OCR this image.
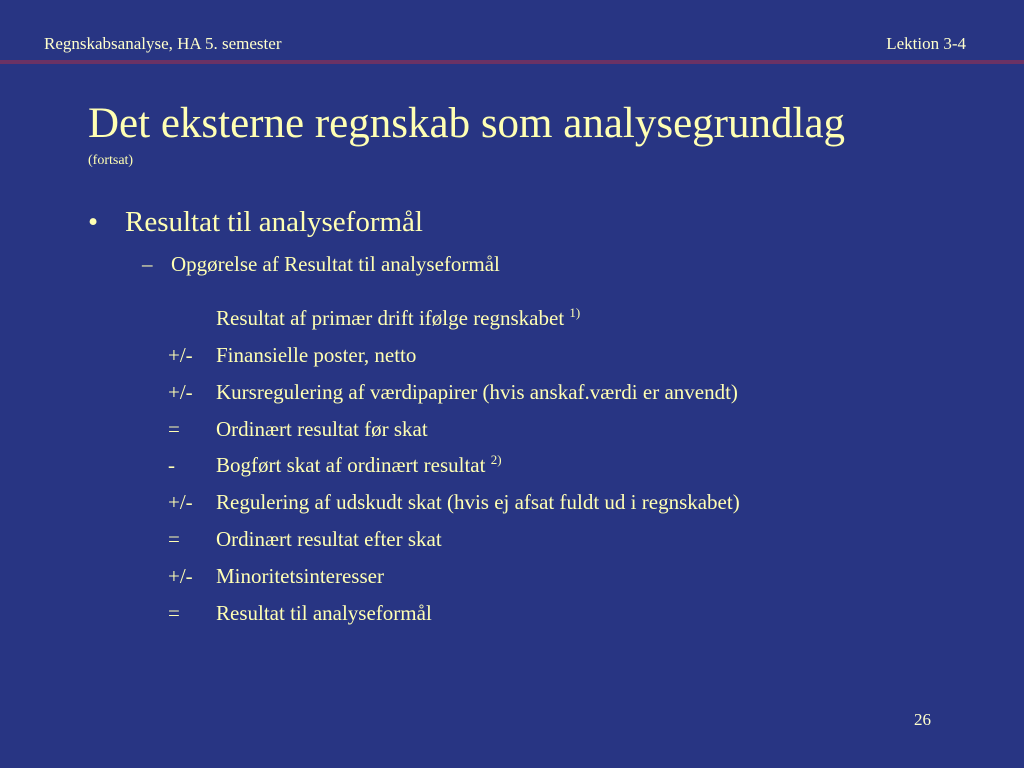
Regnskabsanalyse, HA 5. semester	Lektion 3-4
Det eksterne regnskab som analysegrundlag
(fortsat)
• Resultat til analyseformål
– Opgørelse af Resultat til analyseformål
Resultat af primær drift ifølge regnskabet $^{1)}$
+/- Finansielle poster, netto
+/- Kursregulering af værdipapirer (hvis anskaf.værdi er anvendt)
= Ordinært resultat før skat
- Bogført skat af ordinært resultat $^{2)}$
+/- Regulering af udskudt skat (hvis ej afsat fuldt ud i regnskabet)
= Ordinært resultat efter skat
+/- Minoritetsinteresser
= Resultat til analyseformål
26
